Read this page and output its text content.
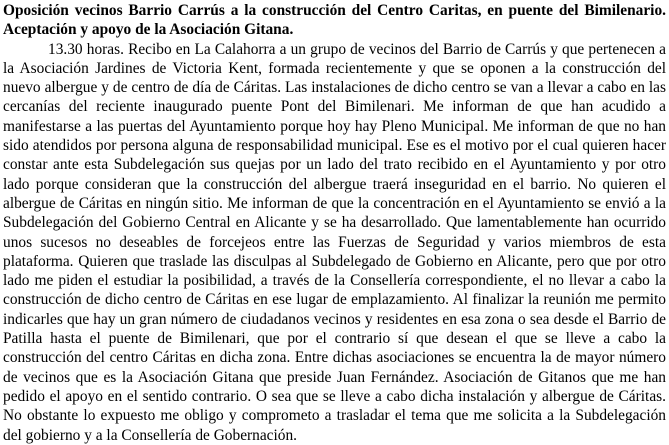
Oposición vecinos Barrio Carrús a la construcción del Centro Caritas, en puente del Bimilenario. Aceptación y apoyo de la Asociación Gitana.

13.30 horas. Recibo en La Calahorra a un grupo de vecinos del Barrio de Carrús y que pertenecen a la Asociación Jardines de Victoria Kent, formada recientemente y que se oponen a la construcción del nuevo albergue y de centro de día de Cáritas. Las instalaciones de dicho centro se van a llevar a cabo en las cercanías del reciente inaugurado puente Pont del Bimilenari. Me informan de que han acudido a manifestarse a las puertas del Ayuntamiento porque hoy hay Pleno Municipal. Me informan de que no han sido atendidos por persona alguna de responsabilidad municipal. Ese es el motivo por el cual quieren hacer constar ante esta Subdelegación sus quejas por un lado del trato recibido en el Ayuntamiento y por otro lado porque consideran que la construcción del albergue traerá inseguridad en el barrio. No quieren el albergue de Cáritas en ningún sitio. Me informan de que la concentración en el Ayuntamiento se envió a la Subdelegación del Gobierno Central en Alicante y se ha desarrollado. Que lamentablemente han ocurrido unos sucesos no deseables de forcejeos entre las Fuerzas de Seguridad y varios miembros de esta plataforma. Quieren que traslade las disculpas al Subdelegado de Gobierno en Alicante, pero que por otro lado me piden el estudiar la posibilidad, a través de la Consellería correspondiente, el no llevar a cabo la construcción de dicho centro de Cáritas en ese lugar de emplazamiento. Al finalizar la reunión me permito indicarles que hay un gran número de ciudadanos vecinos y residentes en esa zona o sea desde el Barrio de Patilla hasta el puente de Bimilenari, que por el contrario sí que desean el que se lleve a cabo la construcción del centro Cáritas en dicha zona. Entre dichas asociaciones se encuentra la de mayor número de vecinos que es la Asociación Gitana que preside Juan Fernández. Asociación de Gitanos que me han pedido el apoyo en el sentido contrario. O sea que se lleve a cabo dicha instalación y albergue de Cáritas. No obstante lo expuesto me obligo y comprometo a trasladar el tema que me solicita a la Subdelegación del gobierno y a la Consellería de Gobernación.
